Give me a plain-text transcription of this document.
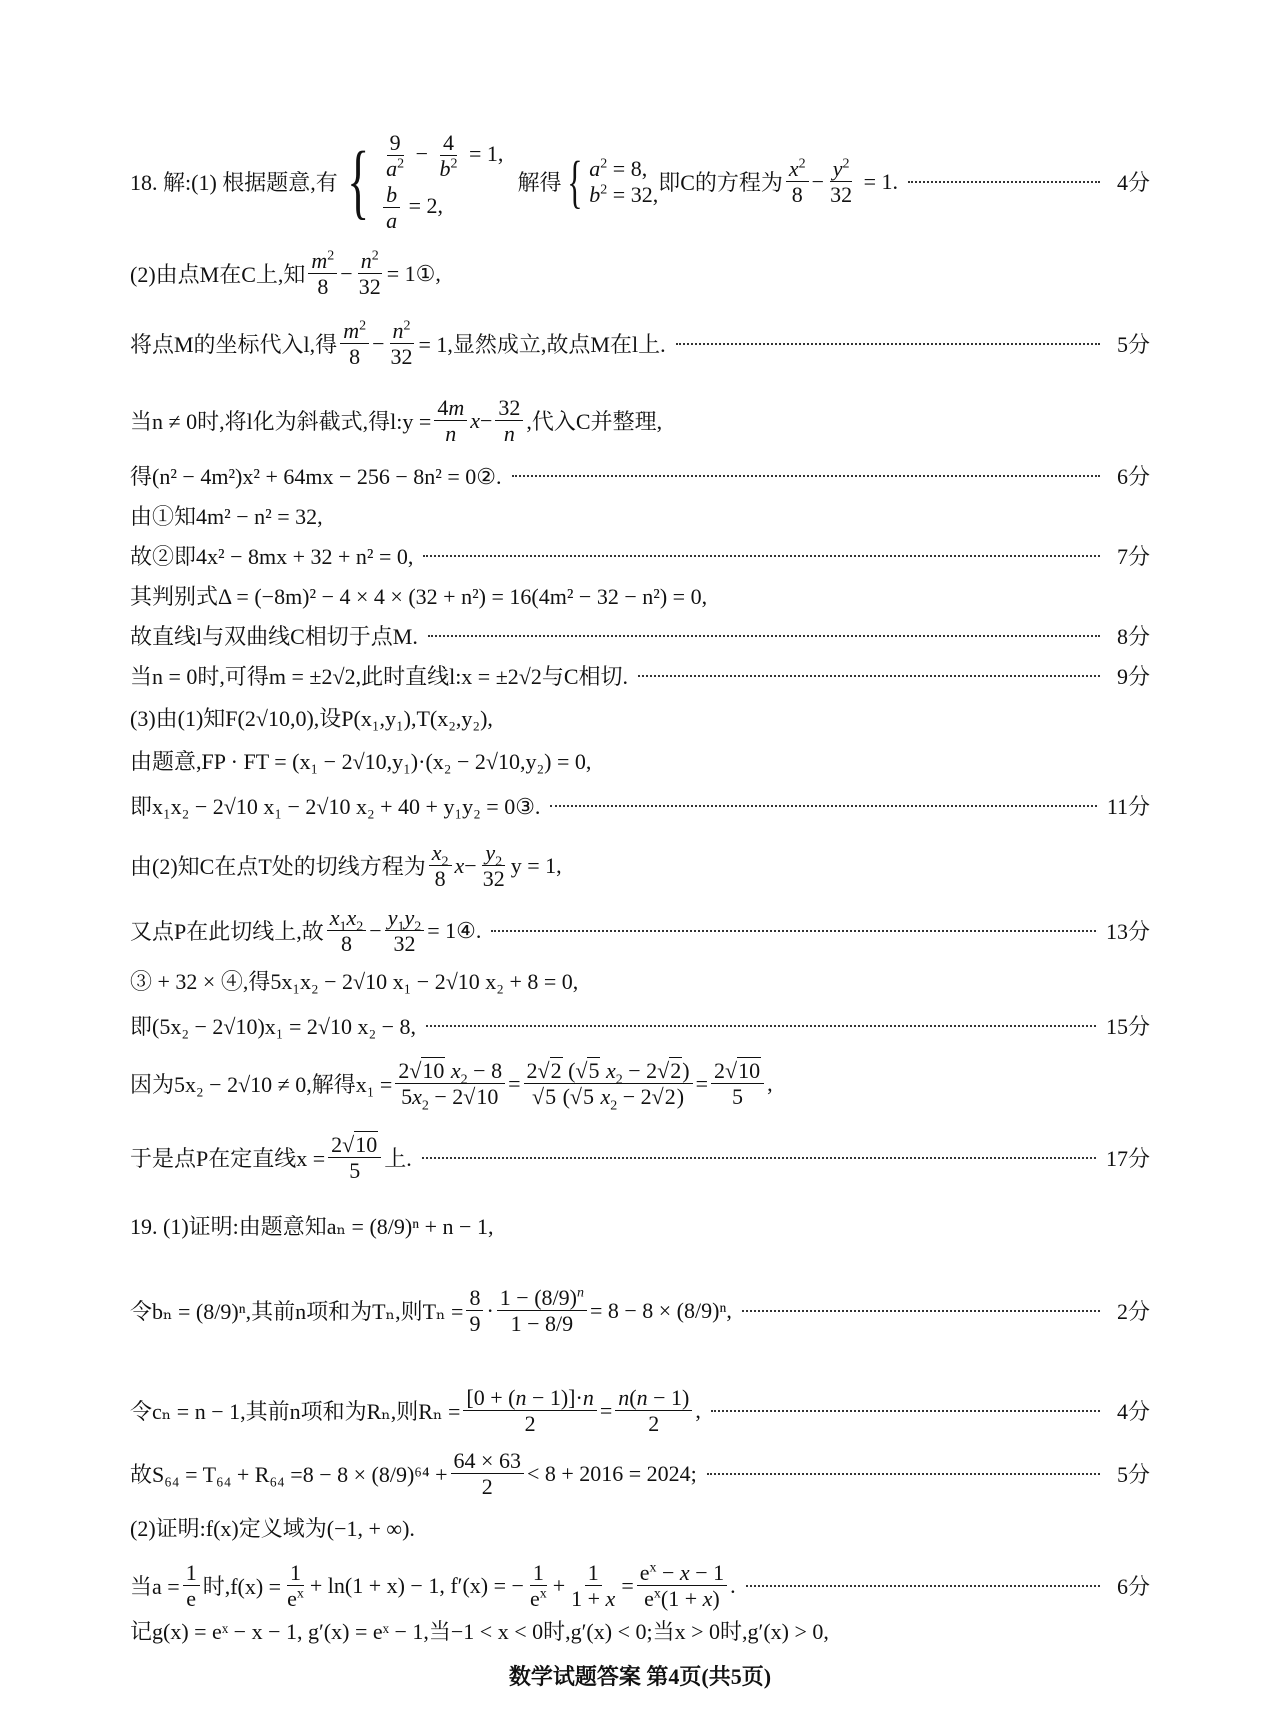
18. 解:(1) 根据题意,有 { $\frac{9}{a^2} - \frac{4}{b^2} = 1$,
$\frac{b}{a} = 2$,
解得 { $a^2 = 8$,
$b^2 = 32$, 即C的方程为 $\frac{x^2}{8} - \frac{y^2}{32} = 1$.	4分
(2)由点M在C上,知 $\frac{m^2}{8} - \frac{n^2}{32}$ = 1①,
将点M的坐标代入l,得 $\frac{m^2}{8} - \frac{n^2}{32} = 1$,显然成立,故点M在l上.	5分
当n ≠ 0时,将l化为斜截式,得l:y = $\frac{4m}{n}$ $x - \frac{32}{n}$ ,代入C并整理,
得(n² − 4m²)x² + 64mx − 256 − 8n² = 0②.	6分
由①知4m² − n² = 32,
故②即4x² − 8mx + 32 + n² = 0,	7分
其判别式Δ = (−8m)² − 4 × 4 × (32 + n²) = 16(4m² − 32 − n²) = 0,
故直线l与双曲线C相切于点M.	8分
当n = 0时,可得m = ±2√2,此时直线l:x = ±2√2与C相切.	9分
(3)由(1)知F(2√10,0),设P(x₁,y₁),T(x₂,y₂),
由题意,FP · FT = (x₁ − 2√10,y₁)·(x₂ − 2√10,y₂) = 0,
即x₁x₂ − 2√10 x₁ − 2√10 x₂ + 40 + y₁y₂ = 0③.	11分
由(2)知C在点T处的切线方程为 $\frac{x_2}{8}$ $x - \frac{y_2}{32}$ y = 1,
又点P在此切线上,故 $\frac{x_1x_2}{8} - \frac{y_1y_2}{32}$ = 1④.	13分
③ + 32 × ④,得5x₁x₂ − 2√10 x₁ − 2√10 x₂ + 8 = 0,
即(5x₂ − 2√10)x₁ = 2√10 x₂ − 8,	15分
因为5x₂ − 2√10 ≠ 0,解得$x_1 = \frac{2√10 x_2 - 8}{5x_2 - 2√10} = \frac{2√2 (√5 x_2 - 2√2)}{√5 (√5 x_2 - 2√2)} = \frac{2√10}{5}$ ,
于是点P在定直线$x = \frac{2√10}{5}$ 上.	17分
19. (1)证明:由题意知aₙ = (8/9)ⁿ + n − 1,
令bₙ = (8/9)ⁿ,其前n项和为Tₙ,则$T_n = \frac{8}{9} \cdot \frac{1 - (8/9)^n}{1 - 8/9} = 8 - 8 \times (8/9)^n$,	2分
令cₙ = n − 1,其前n项和为Rₙ,则$R_n = \frac{[0 + (n - 1)]\cdot n}{2} = \frac{n(n - 1)}{2}$ ,	4分
故$S_{64} = T_{64} + R_{64} =8 - 8 \times (8/9)^{64} + \frac{64 \times 63}{2} < 8 + 2016 = 2024$;	5分
(2)证明:f(x)定义域为(−1, + ∞).
当$a = \frac{1}{e}$ 时$,f(x) = \frac{1}{e^x} + \ln(1 + x) - 1$, f′(x) = − $\frac{1}{e^x} + \frac{1}{1 + x} = \frac{e^x - x - 1}{e^x(1 + x)}$ .	6分
记g(x) = eˣ − x − 1, g′(x) = eˣ − 1,当−1 < x < 0时,g′(x) < 0;当x > 0时,g′(x) > 0,
数学试题答案 第4页(共5页)
